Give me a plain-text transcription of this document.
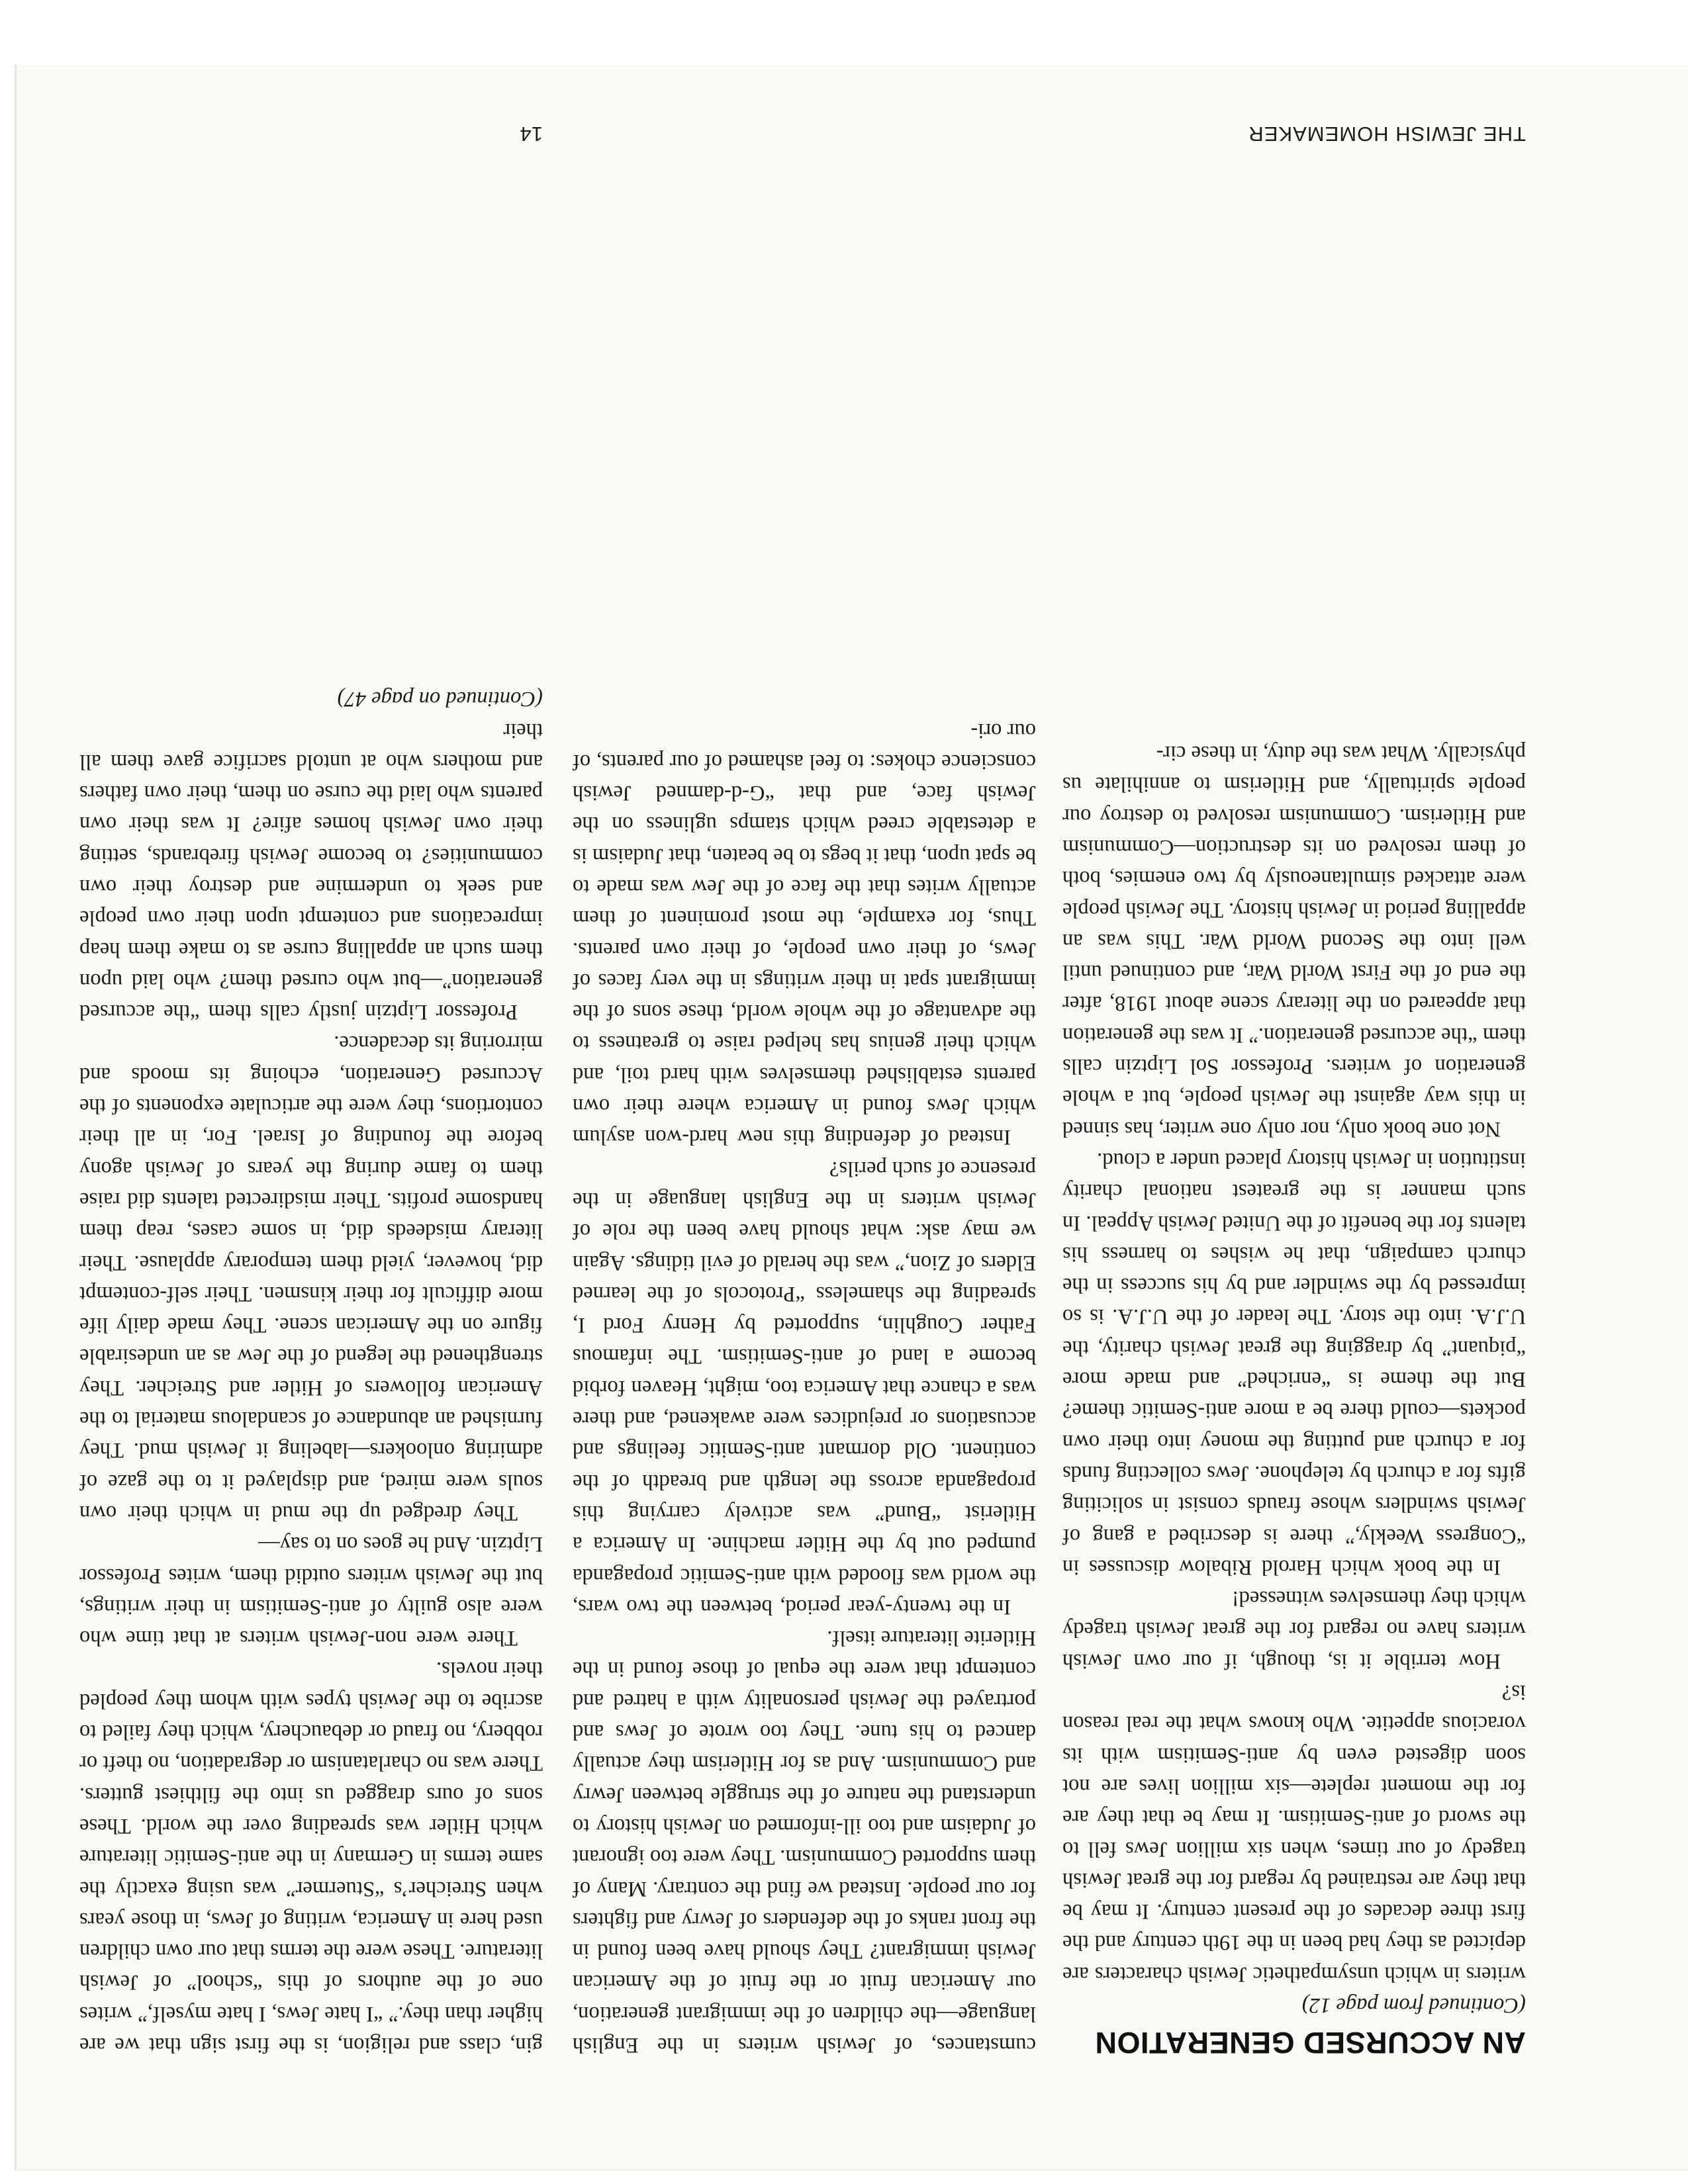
AN ACCURSED GENERATION

(Continued from page 12)

writers in which unsympathetic Jewish characters are depicted as they had been in the 19th century and the first three decades of the present century. It may be that they are restrained by regard for the great Jewish tragedy of our times, when six million Jews fell to the sword of anti-Semitism. It may be that they are for the moment replete—six million lives are not soon digested even by anti-Semitism with its voracious appetite. Who knows what the real reason is?

How terrible it is, though, if our own Jewish writers have no regard for the great Jewish tragedy which they themselves witnessed!

In the book which Harold Ribalow discusses in “Congress Weekly,” there is described a gang of Jewish swindlers whose frauds consist in soliciting gifts for a church by telephone. Jews collecting funds for a church and putting the money into their own pockets—could there be a more anti-Semitic theme? But the theme is “enriched” and made more “piquant” by dragging the great Jewish charity, the U.J.A. into the story. The leader of the U.J.A. is so impressed by the swindler and by his success in the church campaign, that he wishes to harness his talents for the benefit of the United Jewish Appeal. In such manner is the greatest national charity institution in Jewish history placed under a cloud.

Not one book only, nor only one writer, has sinned in this way against the Jewish people, but a whole generation of writers. Professor Sol Liptzin calls them “the accursed generation.” It was the generation that appeared on the literary scene about 1918, after the end of the First World War, and continued until well into the Second World War. This was an appalling period in Jewish history. The Jewish people were attacked simultaneously by two enemies, both of them resolved on its destruction—Communism and Hitlerism. Communism resolved to destroy our people spiritually, and Hitlerism to annihilate us physically. What was the duty, in these cir-

cumstances, of Jewish writers in the English language—the children of the immigrant generation, our American fruit or the fruit of the American Jewish immigrant? They should have been found in the front ranks of the defenders of Jewry and fighters for our people. Instead we find the contrary. Many of them supported Communism. They were too ignorant of Judaism and too ill-informed on Jewish history to understand the nature of the struggle between Jewry and Communism. And as for Hitlerism they actually danced to his tune. They too wrote of Jews and portrayed the Jewish personality with a hatred and contempt that were the equal of those found in the Hitlerite literature itself.

In the twenty-year period, between the two wars, the world was flooded with anti-Semitic propaganda pumped out by the Hitler machine. In America a Hitlerist “Bund” was actively carrying this propaganda across the length and breadth of the continent. Old dormant anti-Semitic feelings and accusations or prejudices were awakened, and there was a chance that America too, might, Heaven forbid become a land of anti-Semitism. The infamous Father Coughlin, supported by Henry Ford I, spreading the shameless “Protocols of the learned Elders of Zion,” was the herald of evil tidings. Again we may ask: what should have been the role of Jewish writers in the English language in the presence of such perils?

Instead of defending this new hard-won asylum which Jews found in America where their own parents established themselves with hard toil, and which their genius has helped raise to greatness to the advantage of the whole world, these sons of the immigrant spat in their writings in the very faces of Jews, of their own people, of their own parents. Thus, for example, the most prominent of them actually writes that the face of the Jew was made to be spat upon, that it begs to be beaten, that Judaism is a detestable creed which stamps ugliness on the Jewish face, and that “G-d-damned Jewish conscience chokes: to feel ashamed of our parents, of our ori-

gin, class and religion, is the first sign that we are higher than they.” “I hate Jews, I hate myself,” writes one of the authors of this “school” of Jewish literature. These were the terms that our own children used here in America, writing of Jews, in those years when Streicher’s “Stuermer” was using exactly the same terms in Germany in the anti-Semitic literature which Hitler was spreading over the world. These sons of ours dragged us into the filthiest gutters. There was no charlatanism or degradation, no theft or robbery, no fraud or debauchery, which they failed to ascribe to the Jewish types with whom they peopled their novels.

There were non-Jewish writers at that time who were also guilty of anti-Semitism in their writings, but the Jewish writers outdid them, writes Professor Liptzin. And he goes on to say—

They dredged up the mud in which their own souls were mired, and displayed it to the gaze of admiring onlookers—labeling it Jewish mud. They furnished an abundance of scandalous material to the American followers of Hitler and Streicher. They strengthened the legend of the Jew as an undesirable figure on the American scene. They made daily life more difficult for their kinsmen. Their self-contempt did, however, yield them temporary applause. Their literary misdeeds did, in some cases, reap them handsome profits. Their misdirected talents did raise them to fame during the years of Jewish agony before the founding of Israel. For, in all their contortions, they were the articulate exponents of the Accursed Generation, echoing its moods and mirroring its decadence.

Professor Liptzin justly calls them “the accursed generation”—but who cursed them? who laid upon them such an appalling curse as to make them heap imprecations and contempt upon their own people and seek to undermine and destroy their own communities? to become Jewish firebrands, setting their own Jewish homes afire? It was their own parents who laid the curse on them, their own fathers and mothers who at untold sacrifice gave them all their

(Continued on page 47)

THE JEWISH HOMEMAKER
14
